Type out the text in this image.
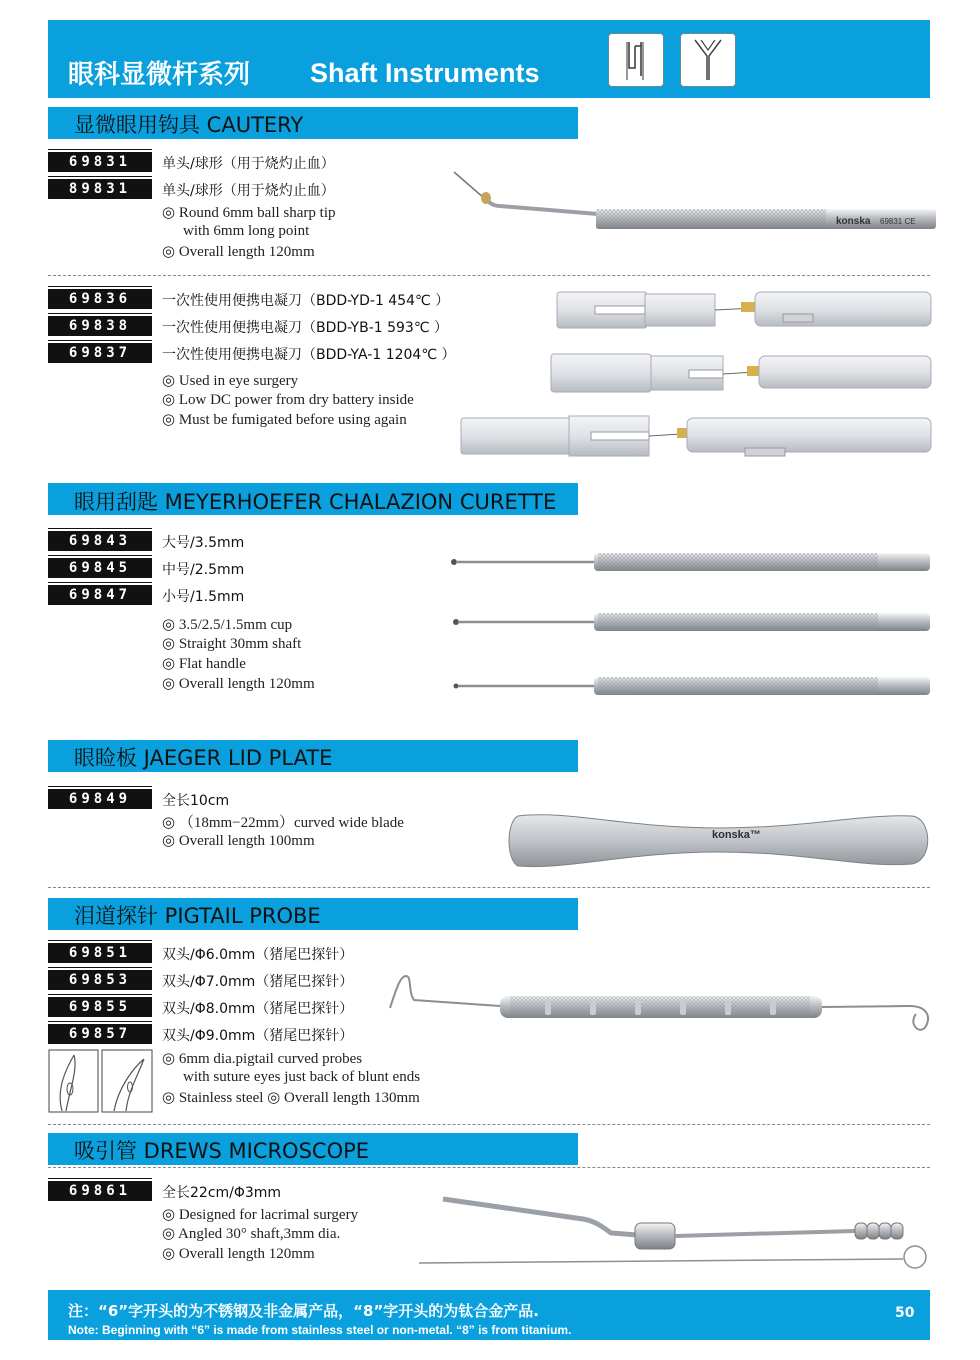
眼科显微杆系列 Shaft Instruments
显微眼用钩具 CAUTERY
69831	单头/球形（用于烧灼止血）
89831	单头/球形（用于烧灼止血）
◎ Round 6mm ball sharp tip
with 6mm long point
◎ Overall length 120mm
konska 69831 CE
69836	一次性使用便携电凝刀（BDD-YD-1 454℃ ）
69838	一次性使用便携电凝刀（BDD-YB-1 593℃ ）
69837	一次性使用便携电凝刀（BDD-YA-1 1204℃ ）
◎ Used in eye surgery
◎ Low DC power from dry battery inside
◎ Must be fumigated before using again
眼用刮匙 MEYERHOEFER CHALAZION CURETTE
69843	大号/3.5mm
69845	中号/2.5mm
69847	小号/1.5mm
◎ 3.5/2.5/1.5mm cup
◎ Straight 30mm shaft
◎ Flat handle
◎ Overall length 120mm
眼睑板 JAEGER LID PLATE
69849	全长10cm
◎ （18mm−22mm）curved wide blade
◎ Overall length 100mm	konska™
泪道探针 PIGTAIL PROBE
69851	双头/Φ6.0mm（猪尾巴探针）
69853	双头/Φ7.0mm（猪尾巴探针）
69855	双头/Φ8.0mm（猪尾巴探针）
69857	双头/Φ9.0mm（猪尾巴探针）
◎ 6mm dia.pigtail curved probes
with suture eyes just back of blunt ends
◎ Stainless steel ◎ Overall length 130mm
吸引管 DREWS MICROSCOPE
69861	全长22cm/Φ3mm
◎ Designed for lacrimal surgery
◎ Angled 30° shaft,3mm dia.
◎ Overall length 120mm
注：“6”字开头的为不锈钢及非金属产品，“8”字开头的为钛合金产品.
Note: Beginning with “6” is made from stainless steel or non-metal. “8” is from titanium.
50
